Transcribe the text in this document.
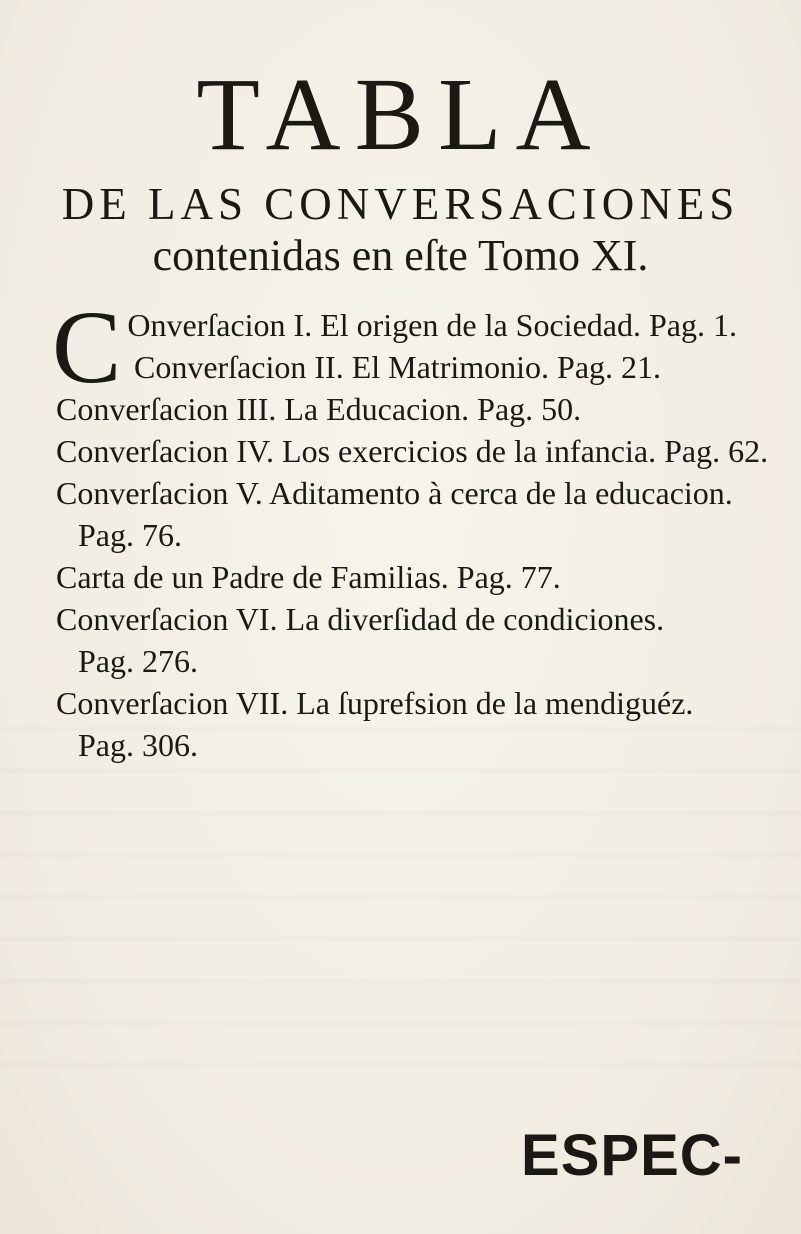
TABLA
DE LAS CONVERSACIONES
contenidas en eſte Tomo XI.

C Onverſacion I. El origen de la Sociedad. Pag. 1.

Converſacion II. El Matrimonio. Pag. 21.

Converſacion III. La Educacion. Pag. 50.

Converſacion IV. Los exercicios de la infancia. Pag. 62.

Converſacion V. Aditamento à cerca de la educacion. Pag. 76.

Carta de un Padre de Familias. Pag. 77.

Converſacion VI. La diverſidad de condiciones. Pag. 276.

Converſacion VII. La ſuprefsion de la mendiguéz. Pag. 306.

ESPEC-
